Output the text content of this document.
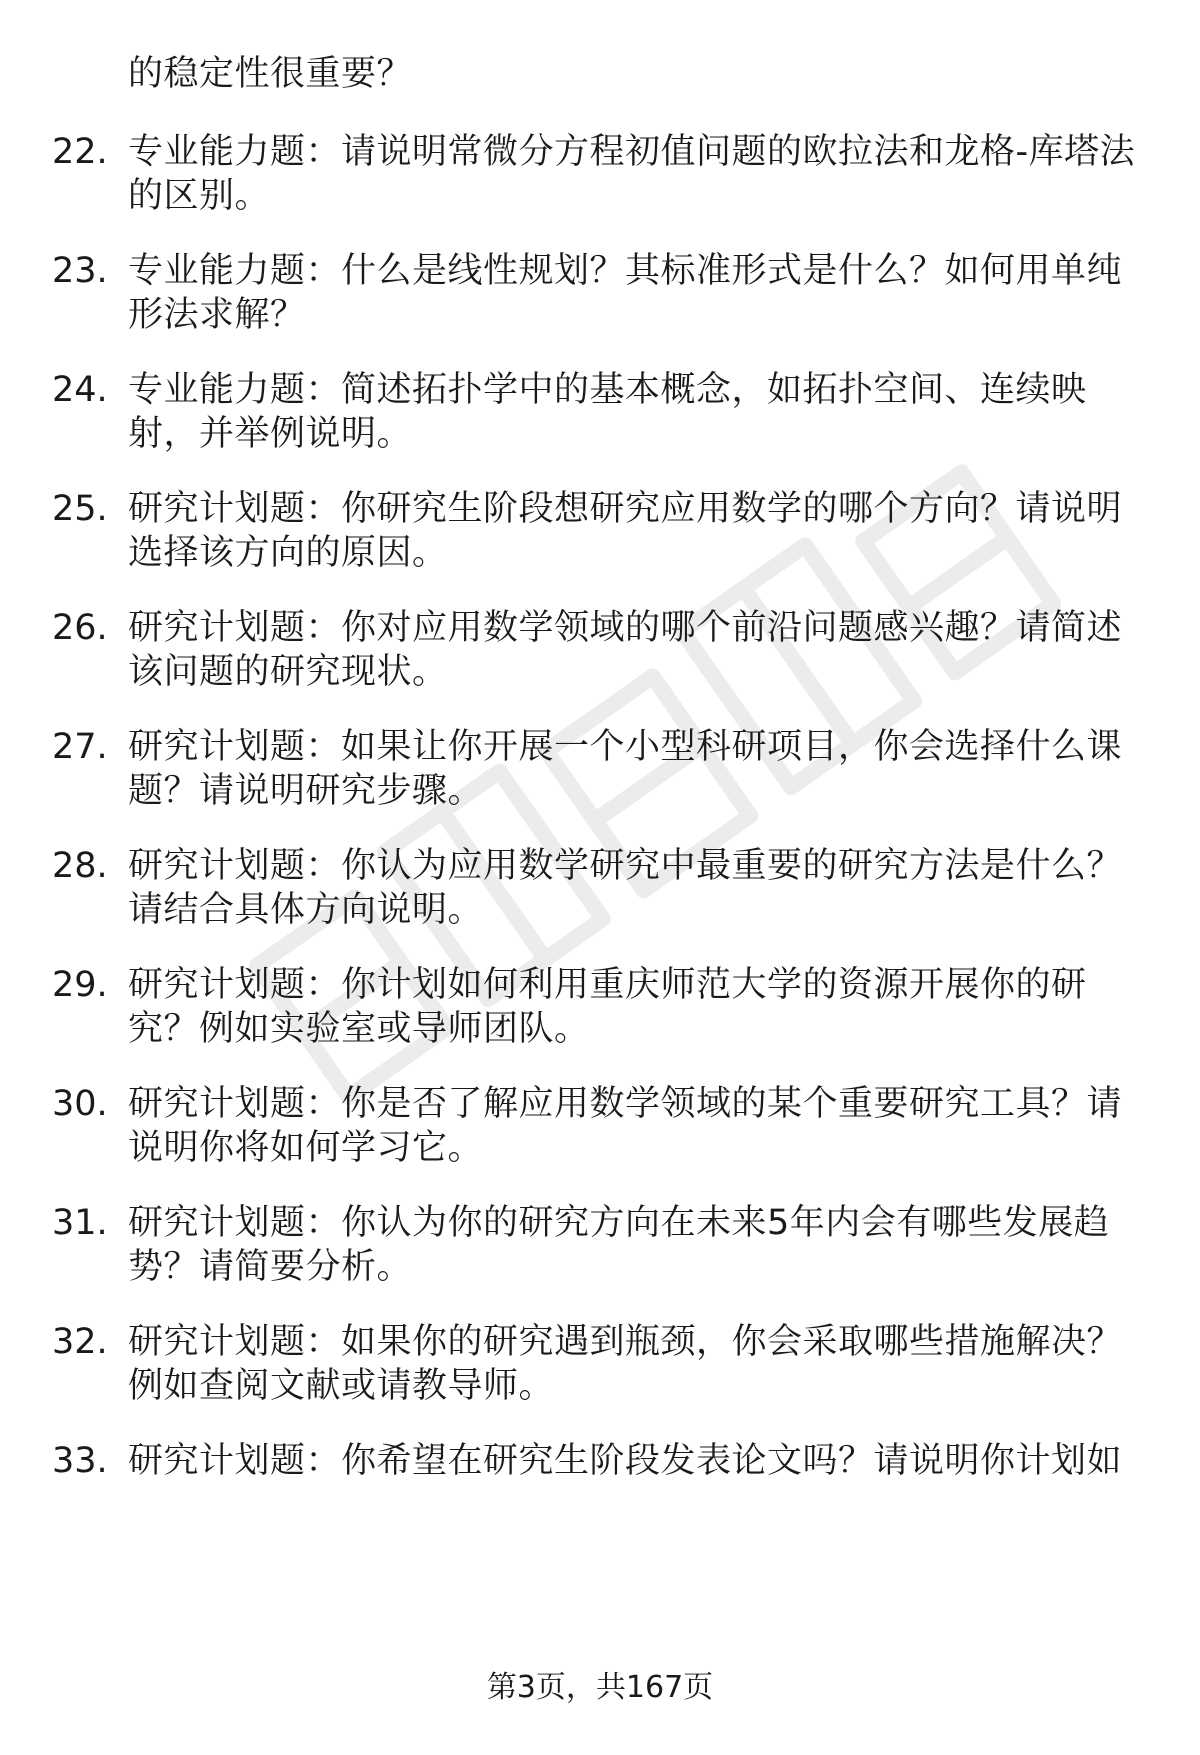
的稳定性很重要？
22. 专业能力题：请说明常微分方程初值问题的欧拉法和龙格-库塔法
的区别。
23. 专业能力题：什么是线性规划？其标准形式是什么？如何用单纯
形法求解？
24. 专业能力题：简述拓扑学中的基本概念，如拓扑空间、连续映
射，并举例说明。
25. 研究计划题：你研究生阶段想研究应用数学的哪个方向？请说明
选择该方向的原因。
26. 研究计划题：你对应用数学领域的哪个前沿问题感兴趣？请简述
该问题的研究现状。
27. 研究计划题：如果让你开展一个小型科研项目，你会选择什么课
题？请说明研究步骤。
28. 研究计划题：你认为应用数学研究中最重要的研究方法是什么？
请结合具体方向说明。
29. 研究计划题：你计划如何利用重庆师范大学的资源开展你的研
究？例如实验室或导师团队。
30. 研究计划题：你是否了解应用数学领域的某个重要研究工具？请
说明你将如何学习它。
31. 研究计划题：你认为你的研究方向在未来5年内会有哪些发展趋
势？请简要分析。
32. 研究计划题：如果你的研究遇到瓶颈，你会采取哪些措施解决？
例如查阅文献或请教导师。
33. 研究计划题：你希望在研究生阶段发表论文吗？请说明你计划如
第3页，共167页
